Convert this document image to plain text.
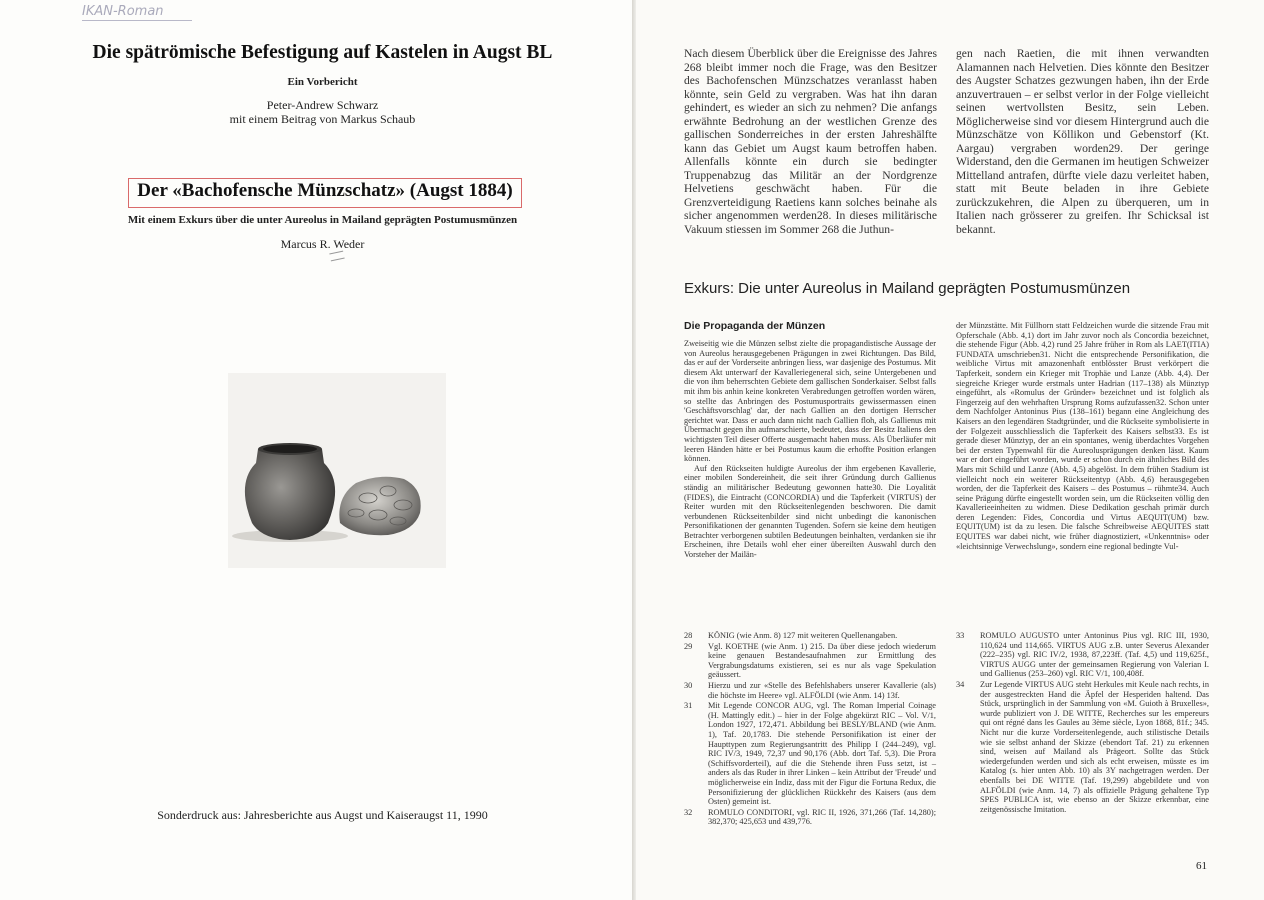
IKAN-Roman
Die spätrömische Befestigung auf Kastelen in Augst BL
Ein Vorbericht
Peter-Andrew Schwarz
mit einem Beitrag von Markus Schaub
Der «Bachofensche Münzschatz» (Augst 1884)
Mit einem Exkurs über die unter Aureolus in Mailand geprägten Postumusmünzen
Marcus R. Weder
Sonderdruck aus: Jahresberichte aus Augst und Kaiseraugst 11, 1990
Nach diesem Überblick über die Ereignisse des Jahres 268 bleibt immer noch die Frage, was den Besitzer des Bachofenschen Münzschatzes veranlasst haben könnte, sein Geld zu vergraben. Was hat ihn daran gehindert, es wieder an sich zu nehmen? Die anfangs erwähnte Bedrohung an der westlichen Grenze des gallischen Sonderreiches in der ersten Jahreshälfte kann das Gebiet um Augst kaum betroffen haben. Allenfalls könnte ein durch sie bedingter Truppenabzug das Militär an der Nordgrenze Helvetiens geschwächt haben. Für die Grenzverteidigung Raetiens kann solches beinahe als sicher angenommen werden28. In dieses militärische Vakuum stiessen im Sommer 268 die Juthun-
gen nach Raetien, die mit ihnen verwandten Alamannen nach Helvetien. Dies könnte den Besitzer des Augster Schatzes gezwungen haben, ihn der Erde anzuvertrauen – er selbst verlor in der Folge vielleicht seinen wertvollsten Besitz, sein Leben. Möglicherweise sind vor diesem Hintergrund auch die Münzschätze von Köllikon und Gebenstorf (Kt. Aargau) vergraben worden29. Der geringe Widerstand, den die Germanen im heutigen Schweizer Mittelland antrafen, dürfte viele dazu verleitet haben, statt mit Beute beladen in ihre Gebiete zurückzukehren, die Alpen zu überqueren, um in Italien nach grösserer zu greifen. Ihr Schicksal ist bekannt.
Exkurs: Die unter Aureolus in Mailand geprägten Postumusmünzen
Die Propaganda der Münzen

Zweiseitig wie die Münzen selbst zielte die propagandistische Aussage der von Aureolus herausgegebenen Prägungen in zwei Richtungen. Das Bild, das er auf der Vorderseite anbringen liess, war dasjenige des Postumus. Mit diesem Akt unterwarf der Kavalleriegeneral sich, seine Untergebenen und die von ihm beherrschten Gebiete dem gallischen Sonderkaiser. Selbst falls mit ihm bis anhin keine konkreten Verabredungen getroffen worden wären, so stellte das Anbringen des Postumusportraits gewissermassen einen 'Geschäftsvorschlag' dar, der nach Gallien an den dortigen Herrscher gerichtet war. Dass er auch dann nicht nach Gallien floh, als Gallienus mit Übermacht gegen ihn aufmarschierte, bedeutet, dass der Besitz Italiens den wichtigsten Teil dieser Offerte ausgemacht haben muss. Als Überläufer mit leeren Händen hätte er bei Postumus kaum die erhoffte Position erlangen können.

Auf den Rückseiten huldigte Aureolus der ihm ergebenen Kavallerie, einer mobilen Sondereinheit, die seit ihrer Gründung durch Gallienus ständig an militärischer Bedeutung gewonnen hatte30. Die Loyalität (FIDES), die Eintracht (CONCORDIA) und die Tapferkeit (VIRTUS) der Reiter wurden mit den Rückseitenlegenden beschworen. Die damit verbundenen Rückseitenbilder sind nicht unbedingt die kanonischen Personifikationen der genannten Tugenden. Sofern sie keine dem heutigen Betrachter verborgenen subtilen Bedeutungen beinhalten, verdanken sie ihr Erscheinen, ihre Details wohl eher einer übereilten Auswahl durch den Vorsteher der Mailän-

der Münzstätte. Mit Füllhorn statt Feldzeichen wurde die sitzende Frau mit Opferschale (Abb. 4,1) dort im Jahr zuvor noch als Concordia bezeichnet, die stehende Figur (Abb. 4,2) rund 25 Jahre früher in Rom als LAET(ITIA) FUNDATA umschrieben31. Nicht die entsprechende Personifikation, die weibliche Virtus mit amazonenhaft entblösster Brust verkörpert die Tapferkeit, sondern ein Krieger mit Trophäe und Lanze (Abb. 4,4). Der siegreiche Krieger wurde erstmals unter Hadrian (117–138) als Münztyp eingeführt, als «Romulus der Gründer» bezeichnet und ist folglich als Fingerzeig auf den wehrhaften Ursprung Roms aufzufassen32. Schon unter dem Nachfolger Antoninus Pius (138–161) begann eine Angleichung des Kaisers an den legendären Stadtgründer, und die Rückseite symbolisierte in der Folgezeit ausschliesslich die Tapferkeit des Kaisers selbst33. Es ist gerade dieser Münztyp, der an ein spontanes, wenig überdachtes Vorgehen bei der ersten Typenwahl für die Aureolusprägungen denken lässt. Kaum war er dort eingeführt worden, wurde er schon durch ein ähnliches Bild des Mars mit Schild und Lanze (Abb. 4,5) abgelöst. In dem frühen Stadium ist vielleicht noch ein weiterer Rückseitentyp (Abb. 4,6) herausgegeben worden, der die Tapferkeit des Kaisers – des Postumus – rühmte34. Auch seine Prägung dürfte eingestellt worden sein, um die Rückseiten völlig den Kavallerieeinheiten zu widmen. Diese Dedikation geschah primär durch deren Legenden: Fides, Concordia und Virtus AEQUIT(UM) bzw. EQUIT(UM) ist da zu lesen. Die falsche Schreibweise AEQUITES statt EQUITES war dabei nicht, wie früher diagnostiziert, «Unkenntnis» oder «leichtsinnige Verwechslung», sondern eine regional bedingte Vul-
28	KÖNIG (wie Anm. 8) 127 mit weiteren Quellenangaben.
29	Vgl. KOETHE (wie Anm. 1) 215. Da über diese jedoch wiederum keine genauen Bestandesaufnahmen zur Ermittlung des Vergrabungsdatums existieren, sei es nur als vage Spekulation geäussert.
30	Hierzu und zur «Stelle des Befehlshabers unserer Kavallerie (als) die höchste im Heere» vgl. ALFÖLDI (wie Anm. 14) 13f.
31	Mit Legende CONCOR AUG, vgl. The Roman Imperial Coinage (H. Mattingly edit.) – hier in der Folge abgekürzt RIC – Vol. V/1, London 1927, 172,471. Abbildung bei BESLY/BLAND (wie Anm. 1), Taf. 20,1783. Die stehende Personifikation ist einer der Haupttypen zum Regierungsantritt des Philipp I (244–249), vgl. RIC IV/3, 1949, 72,37 und 90,176 (Abb. dort Taf. 5,3). Die Prora (Schiffsvorderteil), auf die die Stehende ihren Fuss setzt, ist – anders als das Ruder in ihrer Linken – kein Attribut der 'Freude' und möglicherweise ein Indiz, dass mit der Figur die Fortuna Redux, die Personifizierung der glücklichen Rückkehr des Kaisers (aus dem Osten) gemeint ist.
32	ROMULO CONDITORI, vgl. RIC II, 1926, 371,266 (Taf. 14,280); 382,370; 425,653 und 439,776.
33	ROMULO AUGUSTO unter Antoninus Pius vgl. RIC III, 1930, 110,624 und 114,665. VIRTUS AUG z.B. unter Severus Alexander (222–235) vgl. RIC IV/2, 1938, 87,223ff. (Taf. 4,5) und 119,625f., VIRTUS AUGG unter der gemeinsamen Regierung von Valerian I. und Gallienus (253–260) vgl. RIC V/1, 100,408f.
34	Zur Legende VIRTUS AUG steht Herkules mit Keule nach rechts, in der ausgestreckten Hand die Äpfel der Hesperiden haltend. Das Stück, ursprünglich in der Sammlung von «M. Guioth à Bruxelles», wurde publiziert von J. DE WITTE, Recherches sur les empereurs qui ont régné dans les Gaules au 3ème siècle, Lyon 1868, 81f.; 345. Nicht nur die kurze Vorderseitenlegende, auch stilistische Details wie sie selbst anhand der Skizze (ebendort Taf. 21) zu erkennen sind, weisen auf Mailand als Prägeort. Sollte das Stück wiedergefunden werden und sich als echt erweisen, müsste es im Katalog (s. hier unten Abb. 10) als 3Y nachgetragen werden. Der ebenfalls bei DE WITTE (Taf. 19,299) abgebildete und von ALFÖLDI (wie Anm. 14, 7) als offizielle Prägung gehaltene Typ SPES PUBLICA ist, wie ebenso an der Skizze erkennbar, eine zeitgenössische Imitation.
61
